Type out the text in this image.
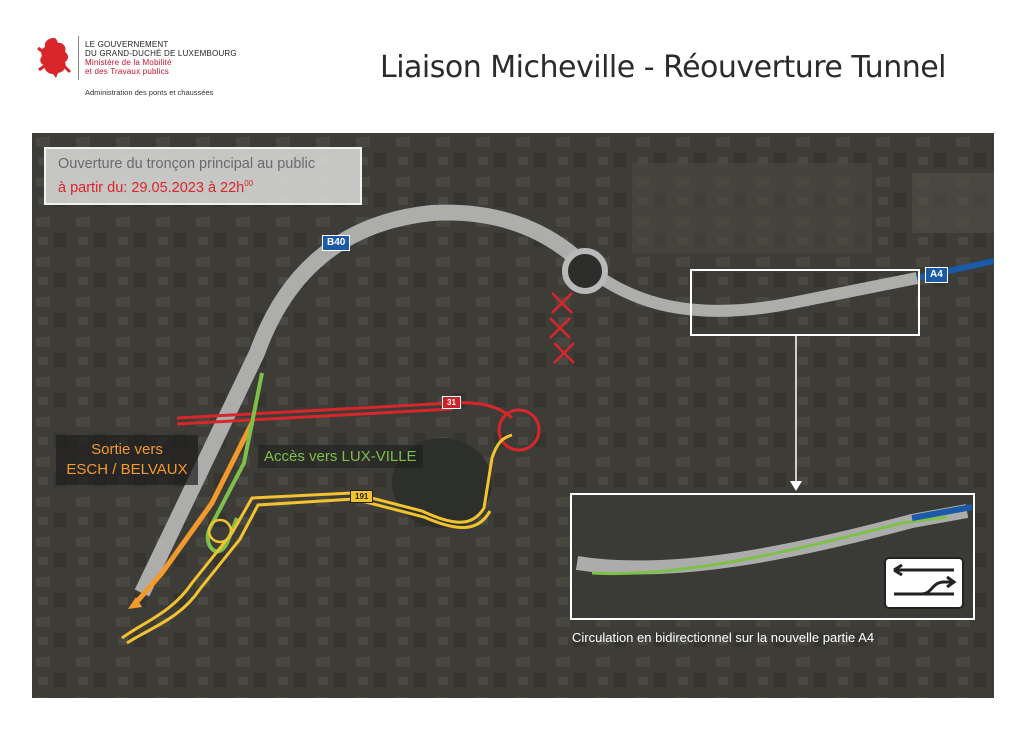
LE GOUVERNEMENT
DU GRAND-DUCHÉ DE LUXEMBOURG
Ministère de la Mobilité
et des Travaux publics
Administration des ponts et chaussées
Liaison Micheville - Réouverture Tunnel
Ouverture du tronçon principal au public
à partir du: 29.05.2023 à $22h^{00}$
Sortie vers
ESCH / BELVAUX
Accès vers LUX-VILLE
B40
A4
31
191
Circulation en bidirectionnel sur la nouvelle partie A4
